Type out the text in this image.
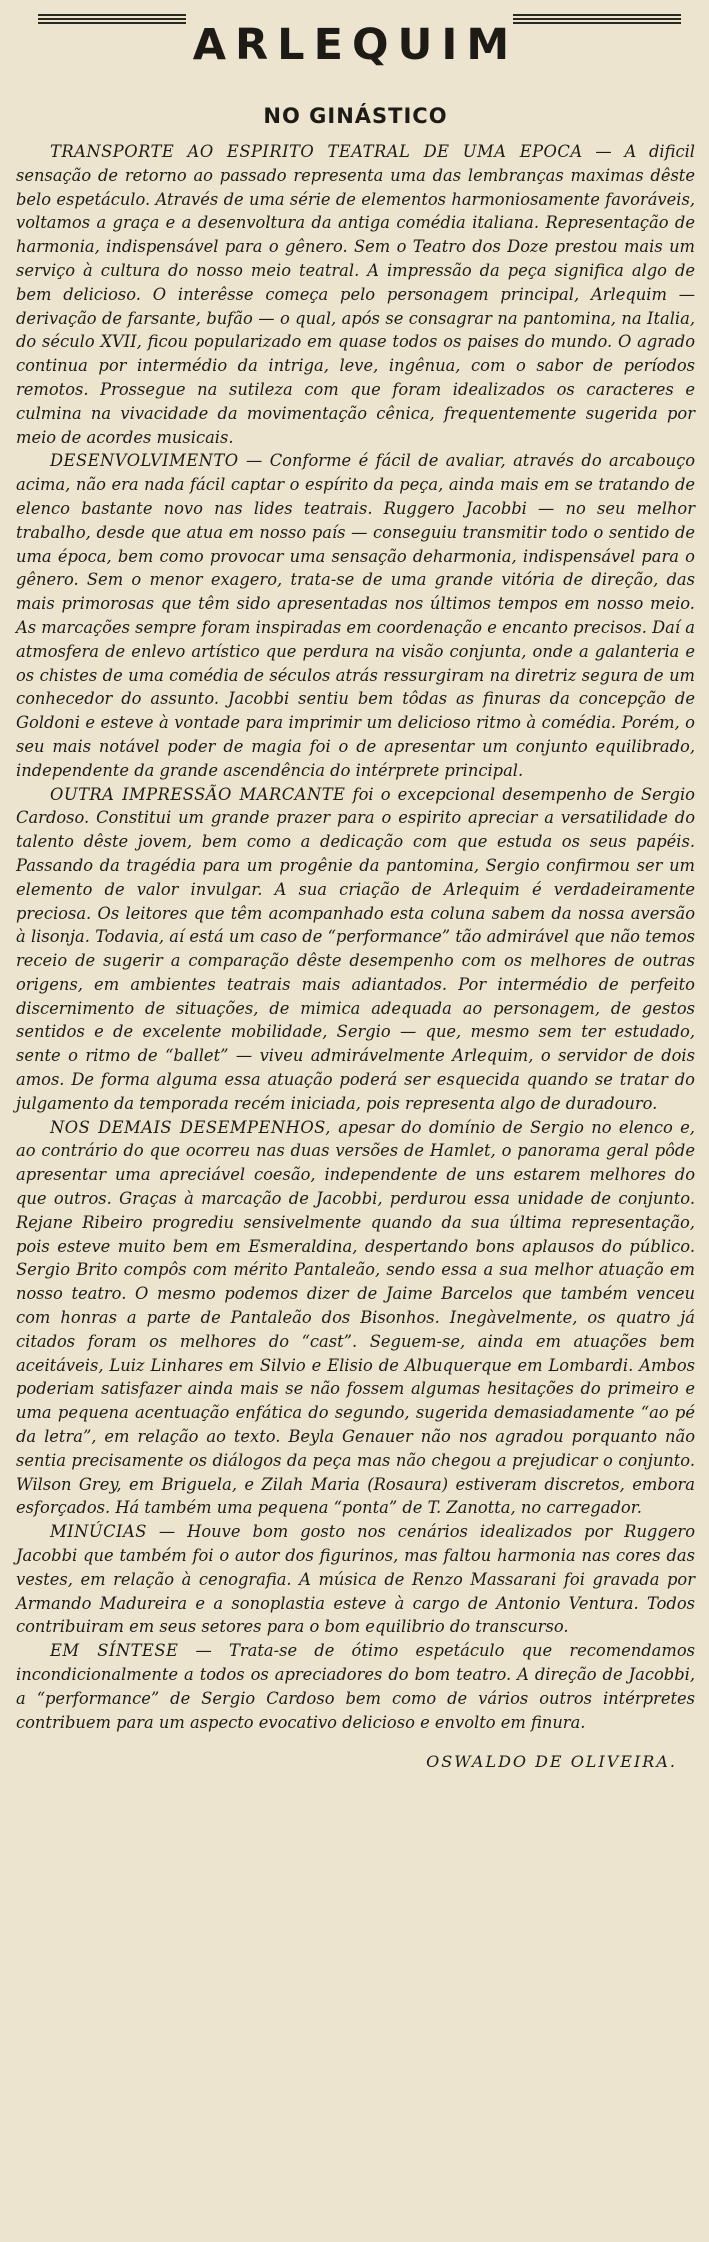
ARLEQUIM
NO GINÁSTICO

TRANSPORTE AO ESPIRITO TEATRAL DE UMA EPOCA — A dificil sensação de retorno ao passado representa uma das lembranças maximas dêste belo espetáculo. Através de uma série de elementos harmoniosamente favoráveis, voltamos a graça e a desenvoltura da antiga comédia italiana. Representação de harmonia, indispensável para o gênero. Sem o Teatro dos Doze prestou mais um serviço à cultura do nosso meio teatral. A impressão da peça significa algo de bem delicioso. O interêsse começa pelo personagem principal, Arlequim — derivação de farsante, bufão — o qual, após se consagrar na pantomina, na Italia, do século XVII, ficou popularizado em quase todos os paises do mundo. O agrado continua por intermédio da intriga, leve, ingênua, com o sabor de períodos remotos. Prossegue na sutileza com que foram idealizados os caracteres e culmina na vivacidade da movimentação cênica, frequentemente sugerida por meio de acordes musicais.

DESENVOLVIMENTO — Conforme é fácil de avaliar, através do arcabouço acima, não era nada fácil captar o espírito da peça, ainda mais em se tratando de elenco bastante novo nas lides teatrais. Ruggero Jacobbi — no seu melhor trabalho, desde que atua em nosso país — conseguiu transmitir todo o sentido de uma época, bem como provocar uma sensação deharmonia, indispensável para o gênero. Sem o menor exagero, trata-se de uma grande vitória de direção, das mais primorosas que têm sido apresentadas nos últimos tempos em nosso meio. As marcações sempre foram inspiradas em coordenação e encanto precisos. Daí a atmosfera de enlevo artístico que perdura na visão conjunta, onde a galanteria e os chistes de uma comédia de séculos atrás ressurgiram na diretriz segura de um conhecedor do assunto. Jacobbi sentiu bem tôdas as finuras da concepção de Goldoni e esteve à vontade para imprimir um delicioso ritmo à comédia. Porém, o seu mais notável poder de magia foi o de apresentar um conjunto equilibrado, independente da grande ascendência do intérprete principal.

OUTRA IMPRESSÃO MARCANTE foi o excepcional desempenho de Sergio Cardoso. Constitui um grande prazer para o espirito apreciar a versatilidade do talento dêste jovem, bem como a dedicação com que estuda os seus papéis. Passando da tragédia para um progênie da pantomina, Sergio confirmou ser um elemento de valor invulgar. A sua criação de Arlequim é verdadeiramente preciosa. Os leitores que têm acompanhado esta coluna sabem da nossa aversão à lisonja. Todavia, aí está um caso de “performance” tão admirável que não temos receio de sugerir a comparação dêste desempenho com os melhores de outras origens, em ambientes teatrais mais adiantados. Por intermédio de perfeito discernimento de situações, de mimica adequada ao personagem, de gestos sentidos e de excelente mobilidade, Sergio — que, mesmo sem ter estudado, sente o ritmo de “ballet” — viveu admirávelmente Arlequim, o servidor de dois amos. De forma alguma essa atuação poderá ser esquecida quando se tratar do julgamento da temporada recém iniciada, pois representa algo de duradouro.

NOS DEMAIS DESEMPENHOS, apesar do domínio de Sergio no elenco e, ao contrário do que ocorreu nas duas versões de Hamlet, o panorama geral pôde apresentar uma apreciável coesão, independente de uns estarem melhores do que outros. Graças à marcação de Jacobbi, perdurou essa unidade de conjunto. Rejane Ribeiro progrediu sensivelmente quando da sua última representação, pois esteve muito bem em Esmeraldina, despertando bons aplausos do público. Sergio Brito compôs com mérito Pantaleão, sendo essa a sua melhor atuação em nosso teatro. O mesmo podemos dizer de Jaime Barcelos que também venceu com honras a parte de Pantaleão dos Bisonhos. Inegàvelmente, os quatro já citados foram os melhores do “cast”. Seguem-se, ainda em atuações bem aceitáveis, Luiz Linhares em Silvio e Elisio de Albuquerque em Lombardi. Ambos poderiam satisfazer ainda mais se não fossem algumas hesitações do primeiro e uma pequena acentuação enfática do segundo, sugerida demasiadamente “ao pé da letra”, em relação ao texto. Beyla Genauer não nos agradou porquanto não sentia precisamente os diálogos da peça mas não chegou a prejudicar o conjunto. Wilson Grey, em Briguela, e Zilah Maria (Rosaura) estiveram discretos, embora esforçados. Há também uma pequena “ponta” de T. Zanotta, no carregador.

MINÚCIAS — Houve bom gosto nos cenários idealizados por Ruggero Jacobbi que também foi o autor dos figurinos, mas faltou harmonia nas cores das vestes, em relação à cenografia. A música de Renzo Massarani foi gravada por Armando Madureira e a sonoplastia esteve à cargo de Antonio Ventura. Todos contribuiram em seus setores para o bom equilibrio do transcurso.

EM SÍNTESE — Trata-se de ótimo espetáculo que recomendamos incondicionalmente a todos os apreciadores do bom teatro. A direção de Jacobbi, a “performance” de Sergio Cardoso bem como de vários outros intérpretes contribuem para um aspecto evocativo delicioso e envolto em finura.

OSWALDO DE OLIVEIRA.
